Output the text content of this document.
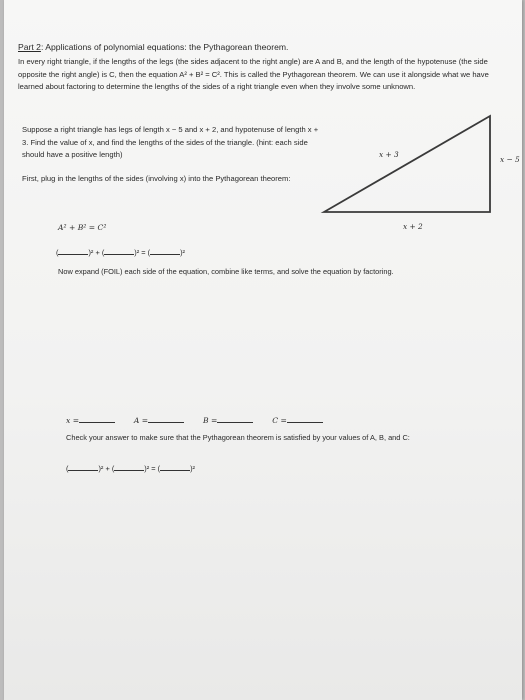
Part 2: Applications of polynomial equations: the Pythagorean theorem.
In every right triangle, if the lengths of the legs (the sides adjacent to the right angle) are A and B, and the length of the hypotenuse (the side opposite the right angle) is C, then the equation A² + B² = C². This is called the Pythagorean theorem. We can use it alongside what we have learned about factoring to determine the lengths of the sides of a right triangle even when they involve some unknown.
Suppose a right triangle has legs of length x − 5 and x + 2, and hypotenuse of length x + 3. Find the value of x, and find the lengths of the sides of the triangle. (hint: each side should have a positive length)
First, plug in the lengths of the sides (involving x) into the Pythagorean theorem:
x + 3
x − 5
x + 2
A² + B² = C²
(	)² + (	)² = (	)²
Now expand (FOIL) each side of the equation, combine like terms, and solve the equation by factoring.
x =	A =	B =	C =
Check your answer to make sure that the Pythagorean theorem is satisfied by your values of A, B, and C:
(	)² + (	)² = (	)²
